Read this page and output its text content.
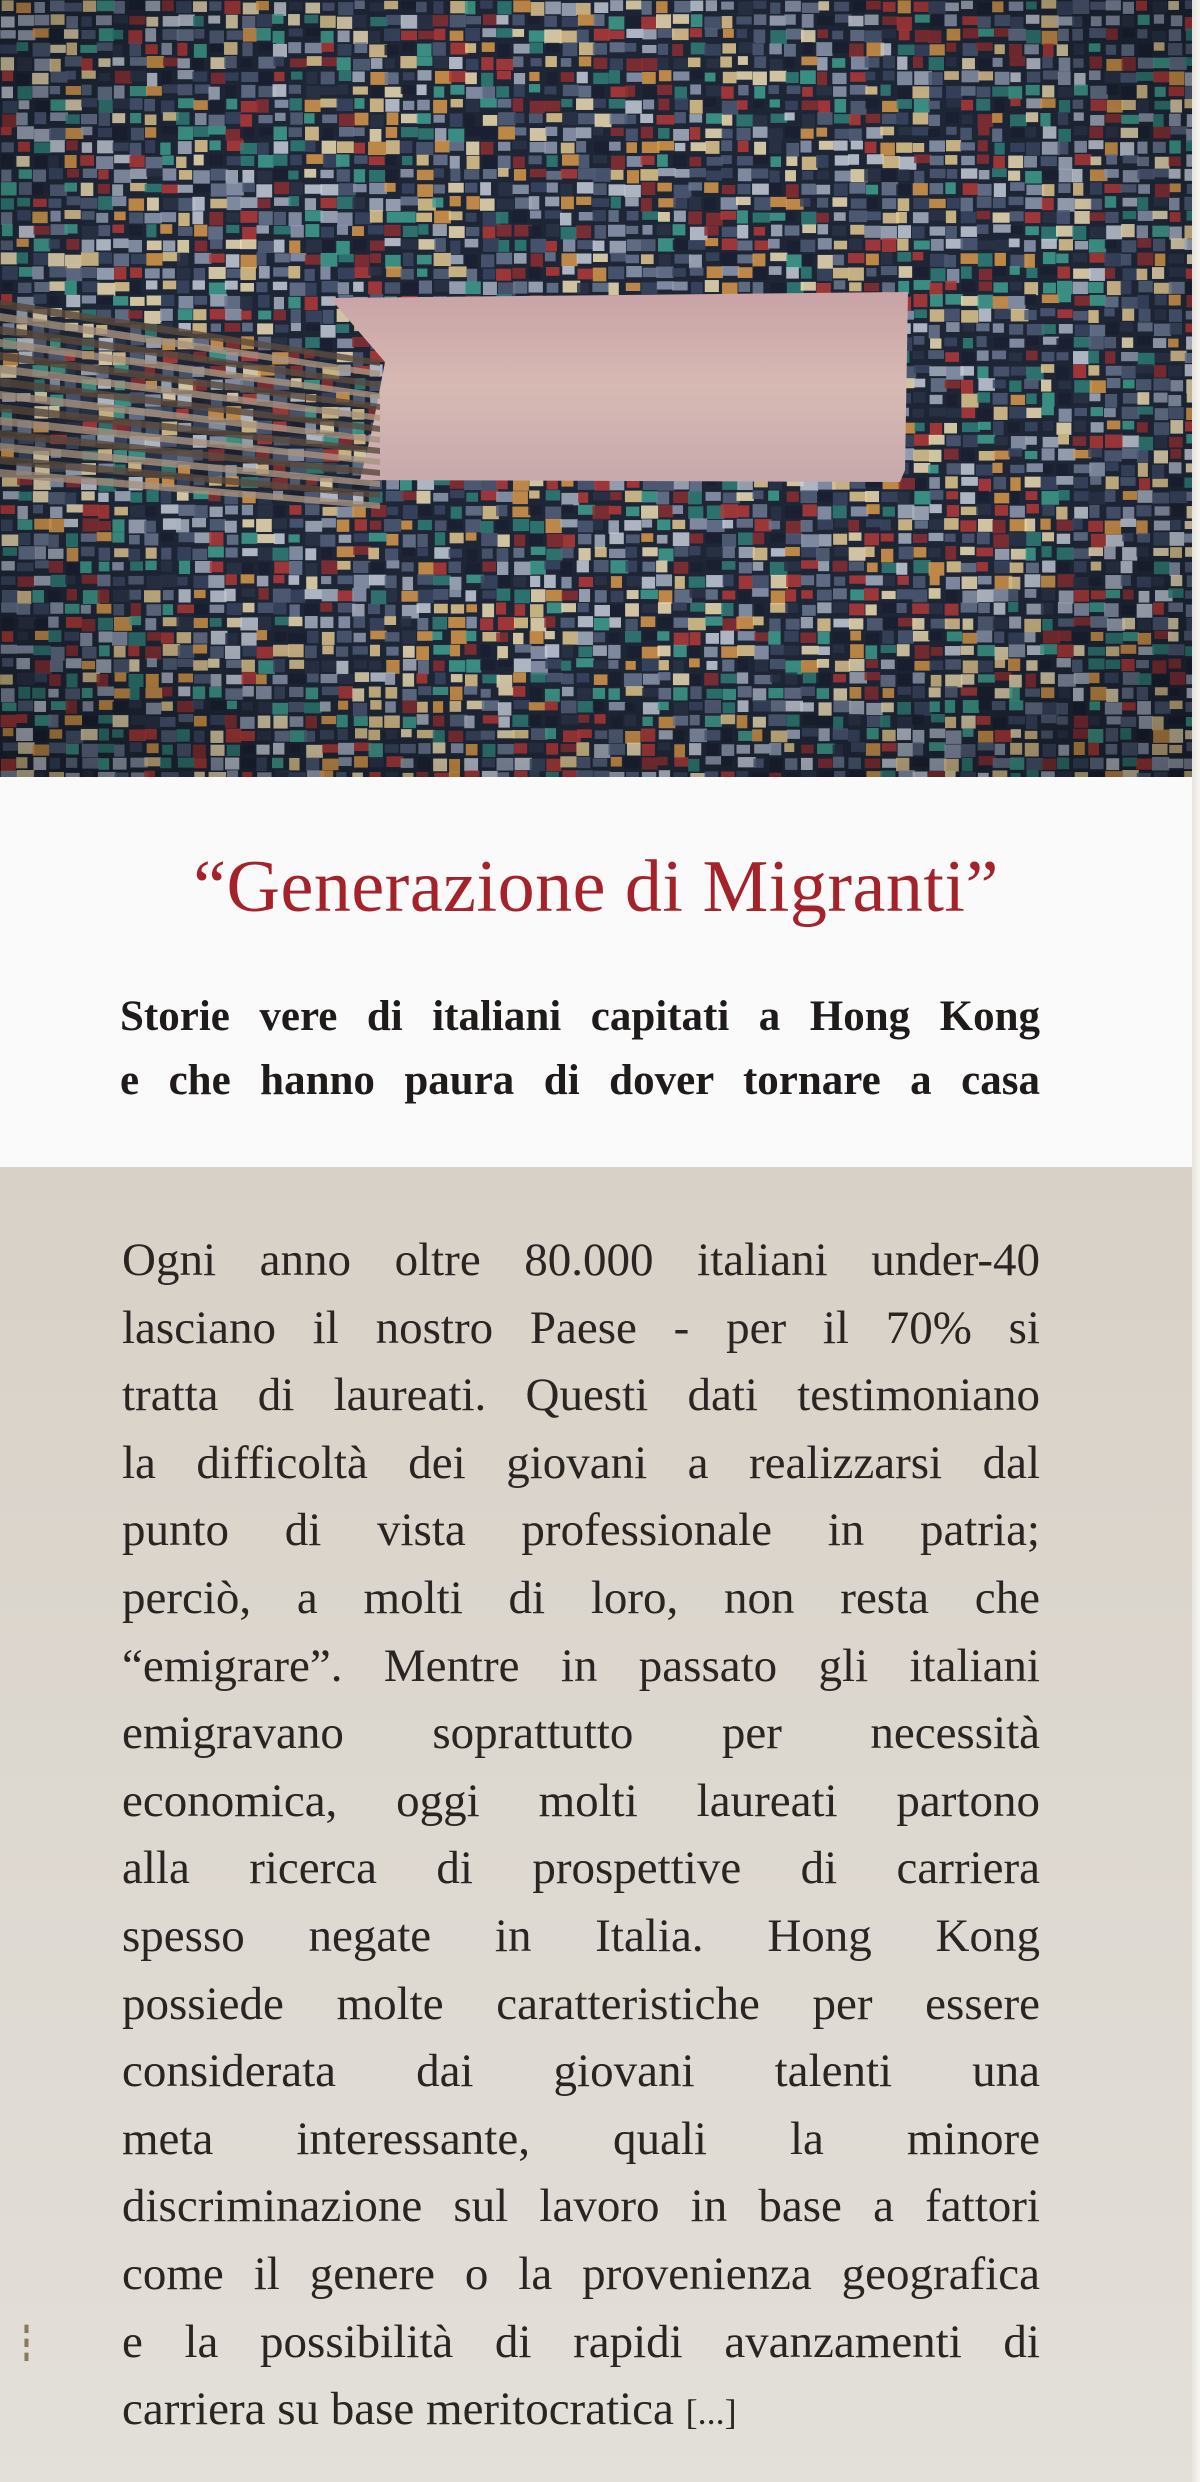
“Generazione di Migranti”
Storie vere di italiani capitati a Hong Kong
e che hanno paura di dover tornare a casa
Ogni anno oltre 80.000 italiani under-40
lasciano il nostro Paese - per il 70% si
tratta di laureati. Questi dati testimoniano
la difficoltà dei giovani a realizzarsi dal
punto di vista professionale in patria;
perciò, a molti di loro, non resta che
“emigrare”. Mentre in passato gli italiani
emigravano soprattutto per necessità
economica, oggi molti laureati partono
alla ricerca di prospettive di carriera
spesso negate in Italia. Hong Kong
possiede molte caratteristiche per essere
considerata dai giovani talenti una
meta interessante, quali la minore
discriminazione sul lavoro in base a fattori
come il genere o la provenienza geografica
e la possibilità di rapidi avanzamenti di
carriera su base meritocratica [...]
▮▮▮
